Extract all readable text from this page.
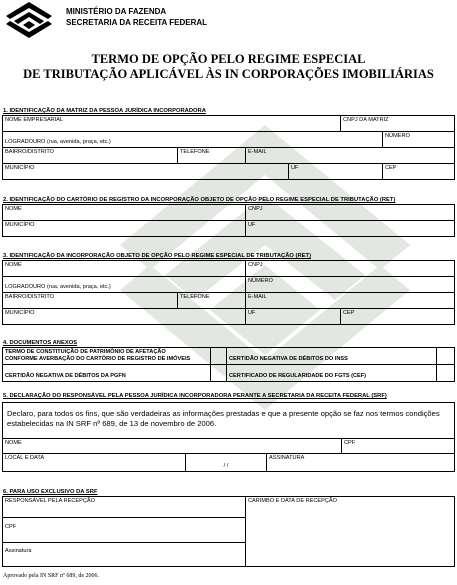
MINISTÉRIO DA FAZENDA
SECRETARIA DA RECEITA FEDERAL
TERMO DE OPÇÃO PELO REGIME ESPECIAL
DE TRIBUTAÇÃO APLICÁVEL ÀS IN CORPORAÇÕES IMOBILIÁRIAS
1. IDENTIFICAÇÃO DA MATRIZ DA PESSOA JURÍDICA INCORPORADORA
NOME EMPRESARIAL				CNPJ DA MATRIZ	
LOGRADOURO (rua, avenida, praça, etc.)					NÚMERO
BAIRRO/DISTRITO	TELEFONE	E-MAIL			
MUNICÍPIO			UF		CEP
2. IDENTIFICAÇÃO DO CARTÓRIO DE REGISTRO DA INCORPORAÇÃO OBJETO DE OPÇÃO PELO REGIME ESPECIAL DE TRIBUTAÇÃO (RET)
NOME	CNPJ
MUNICÍPIO	UF
3. IDENTIFICAÇÃO DA INCORPORAÇÃO OBJETO DE OPÇÃO PELO REGIME ESPECIAL DE TRIBUTAÇÃO (RET)
NOME		CNPJ	
LOGRADOURO (rua, avenida, praça, etc.)		NÚMERO	
BAIRRO/DISTRITO	TELEFONE	E-MAIL	
MUNICÍPIO		UF	CEP
4. DOCUMENTOS ANEXOS
TERMO DE CONSTITUIÇÃO DE PATRIMÔNIO DE AFETAÇÃO
CONFORME AVERBAÇÃO DO CARTÓRIO DE REGISTRO DE IMÓVEIS		CERTIDÃO NEGATIVA DE DÉBITOS DO INSS	
CERTIDÃO NEGATIVA DE DÉBITOS DA PGFN		CERTIFICADO DE REGULARIDADE DO FGTS (CEF)	
5. DECLARAÇÃO DO RESPONSÁVEL PELA PESSOA JURÍDICA INCORPORADORA PERANTE A SECRETARIA DA RECEITA FEDERAL (SRF)
Declaro, para todos os fins, que são verdadeiras as informações prestadas e que a presente opção se faz nos termos condições estabelecidas na IN SRF nº 689, de 13 de novembro de 2006.			

NOME			CPF
LOCAL E DATA	/ /	ASSINATURA	
6. PARA USO EXCLUSIVO DA SRF
RESPONSÁVEL PELA RECEPÇÃO	CARIMBO E DATA DE RECEPÇÃO
CPF
Assinatura
Aprovado pela IN SRF nº 689, de 2006.
